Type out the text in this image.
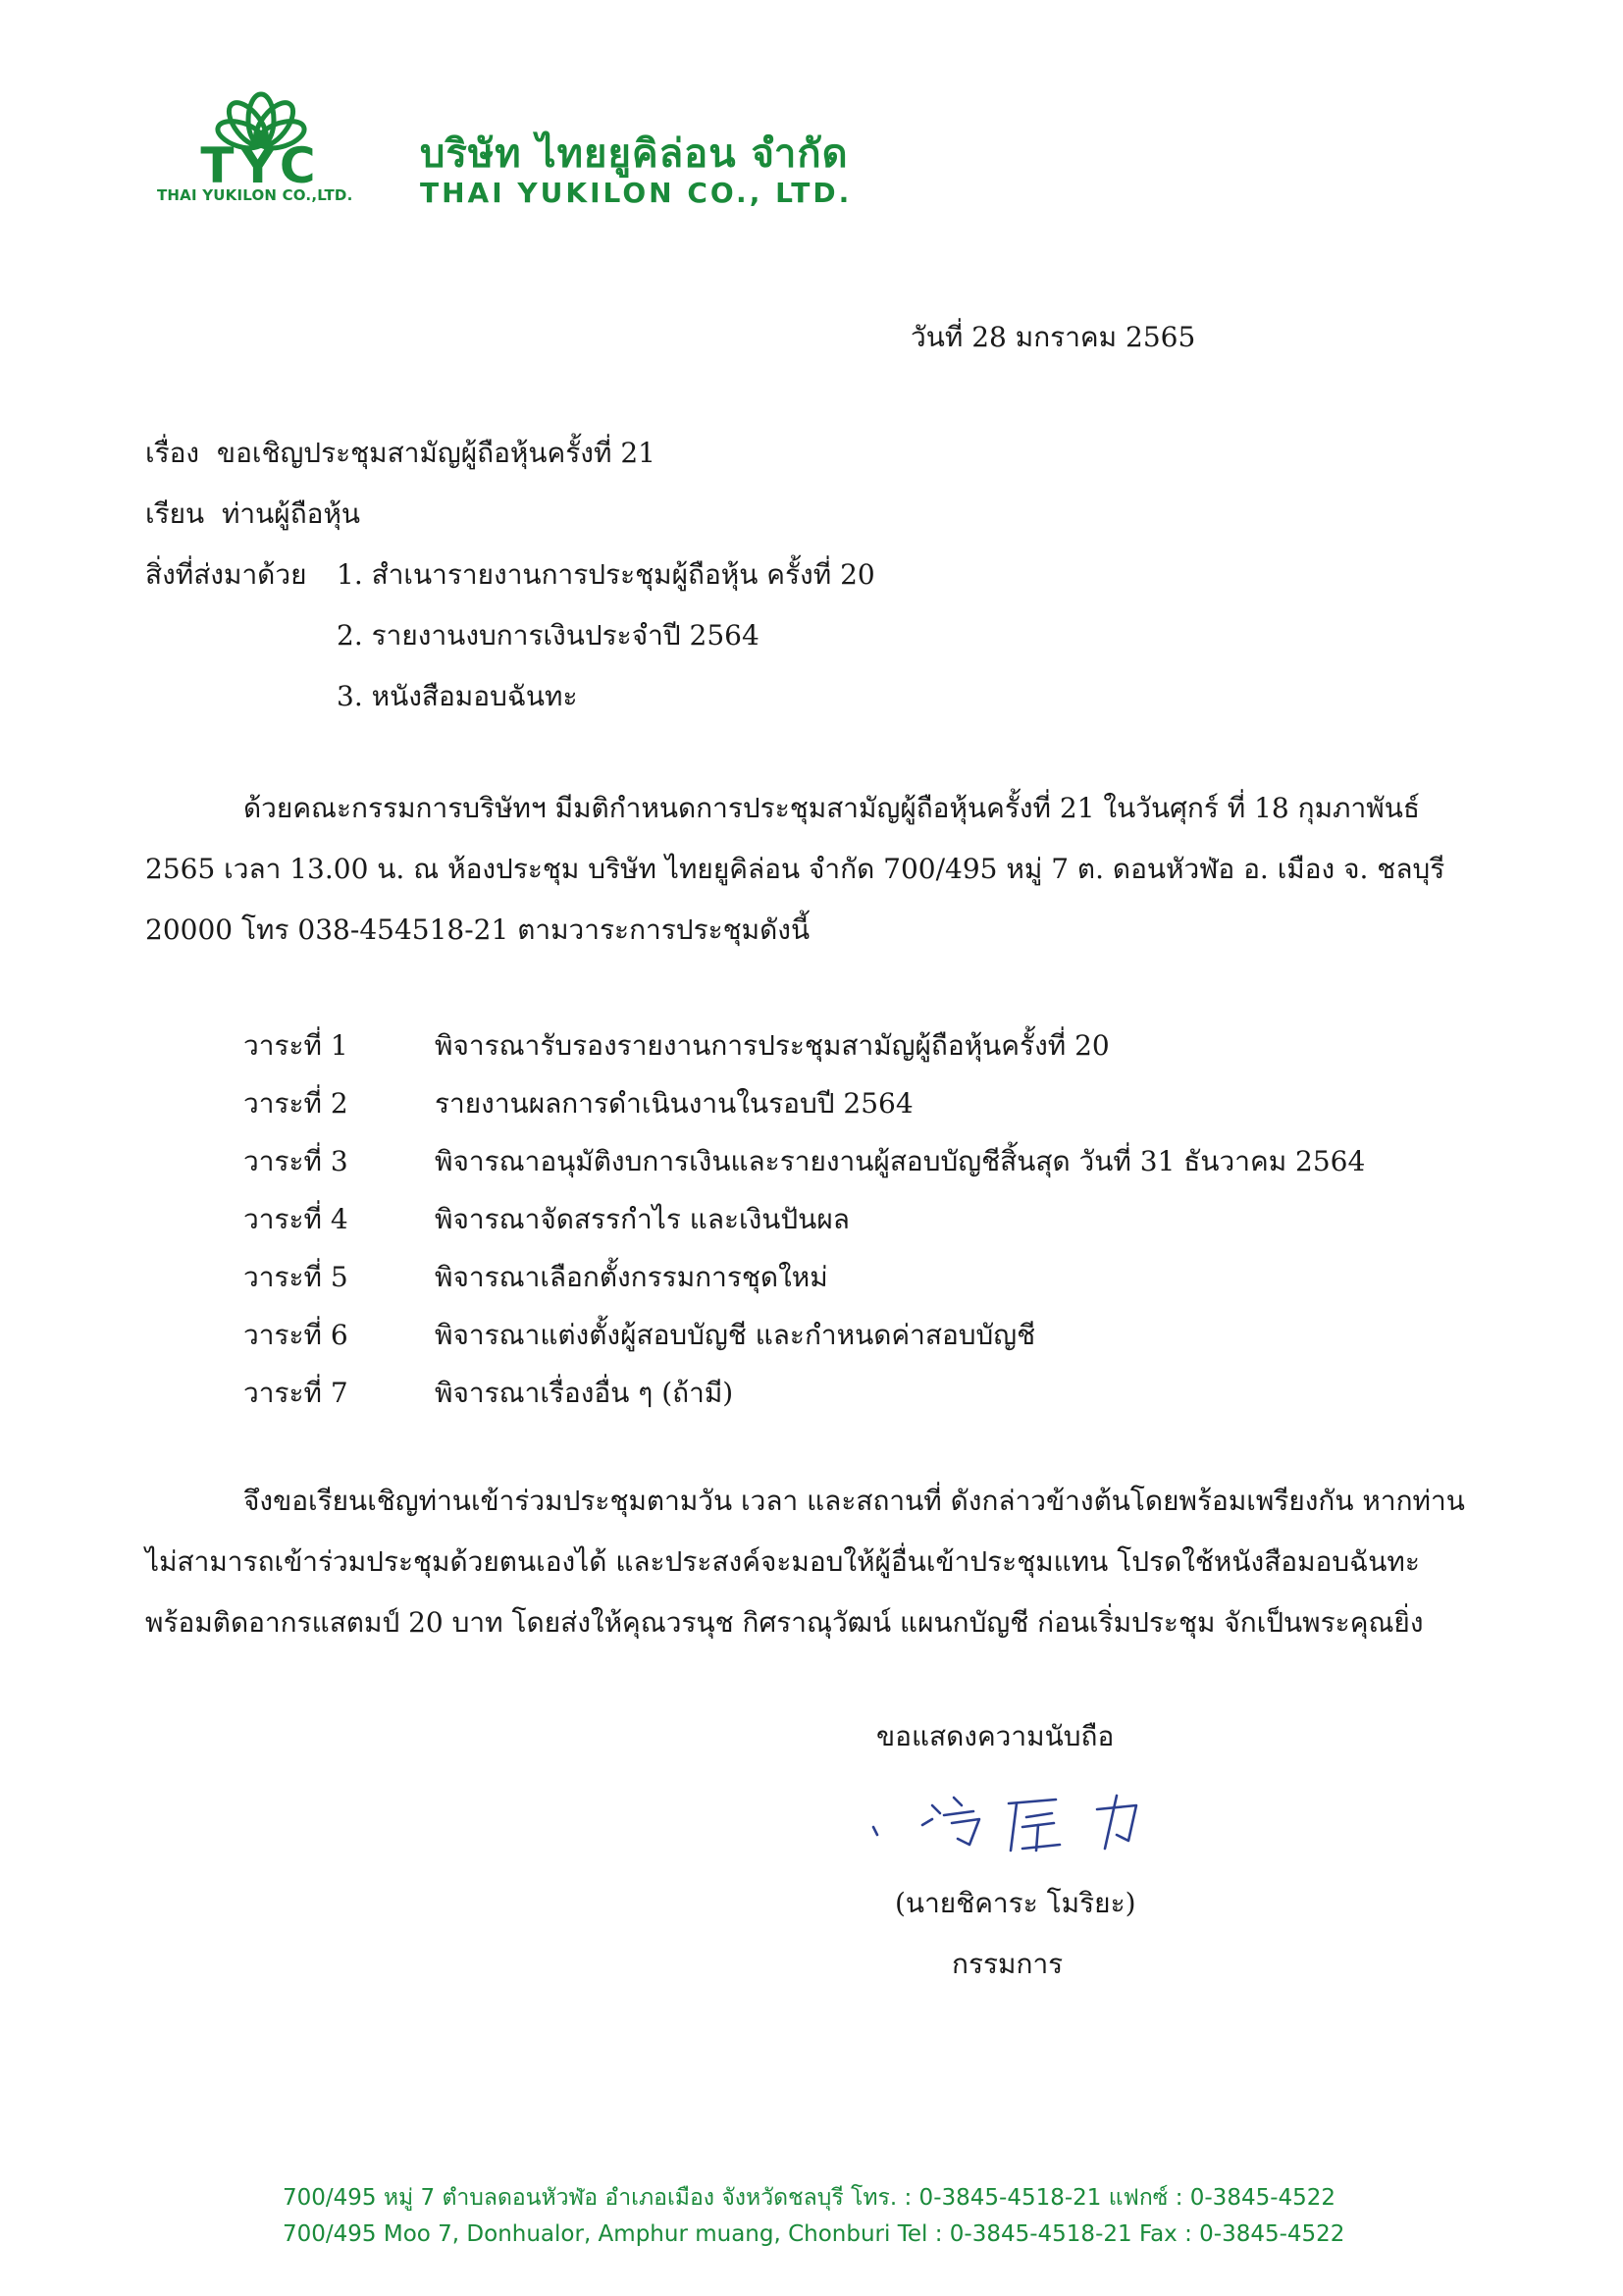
TYC
THAI YUKILON CO.,LTD.
บริษัท ไทยยูคิล่อน จำกัด
THAI YUKILON CO., LTD.
วันที่ 28 มกราคม 2565
เรื่อง ขอเชิญประชุมสามัญผู้ถือหุ้นครั้งที่ 21
เรียน ท่านผู้ถือหุ้น
สิ่งที่ส่งมาด้วย 1. สำเนารายงานการประชุมผู้ถือหุ้น ครั้งที่ 20
2. รายงานงบการเงินประจำปี 2564
3. หนังสือมอบฉันทะ
ด้วยคณะกรรมการบริษัทฯ มีมติกำหนดการประชุมสามัญผู้ถือหุ้นครั้งที่ 21 ในวันศุกร์ ที่ 18 กุมภาพันธ์
2565 เวลา 13.00 น. ณ ห้องประชุม บริษัท ไทยยูคิล่อน จำกัด 700/495 หมู่ 7 ต. ดอนหัวฬ่อ อ. เมือง จ. ชลบุรี
20000 โทร 038-454518-21 ตามวาระการประชุมดังนี้
วาระที่ 1	พิจารณารับรองรายงานการประชุมสามัญผู้ถือหุ้นครั้งที่ 20
วาระที่ 2	รายงานผลการดำเนินงานในรอบปี 2564
วาระที่ 3	พิจารณาอนุมัติงบการเงินและรายงานผู้สอบบัญชีสิ้นสุด วันที่ 31 ธันวาคม 2564
วาระที่ 4	พิจารณาจัดสรรกำไร และเงินปันผล
วาระที่ 5	พิจารณาเลือกตั้งกรรมการชุดใหม่
วาระที่ 6	พิจารณาแต่งตั้งผู้สอบบัญชี และกำหนดค่าสอบบัญชี
วาระที่ 7	พิจารณาเรื่องอื่น ๆ (ถ้ามี)
จึงขอเรียนเชิญท่านเข้าร่วมประชุมตามวัน เวลา และสถานที่ ดังกล่าวข้างต้นโดยพร้อมเพรียงกัน หากท่าน
ไม่สามารถเข้าร่วมประชุมด้วยตนเองได้ และประสงค์จะมอบให้ผู้อื่นเข้าประชุมแทน โปรดใช้หนังสือมอบฉันทะ
พร้อมติดอากรแสตมป์ 20 บาท โดยส่งให้คุณวรนุช กิศราณุวัฒน์ แผนกบัญชี ก่อนเริ่มประชุม จักเป็นพระคุณยิ่ง
ขอแสดงความนับถือ
(นายชิคาระ โมริยะ)
กรรมการ
700/495 หมู่ 7 ตำบลดอนหัวฬ่อ อำเภอเมือง จังหวัดชลบุรี โทร. : 0-3845-4518-21 แฟกซ์ : 0-3845-4522
700/495 Moo 7, Donhualor, Amphur muang, Chonburi Tel : 0-3845-4518-21 Fax : 0-3845-4522
